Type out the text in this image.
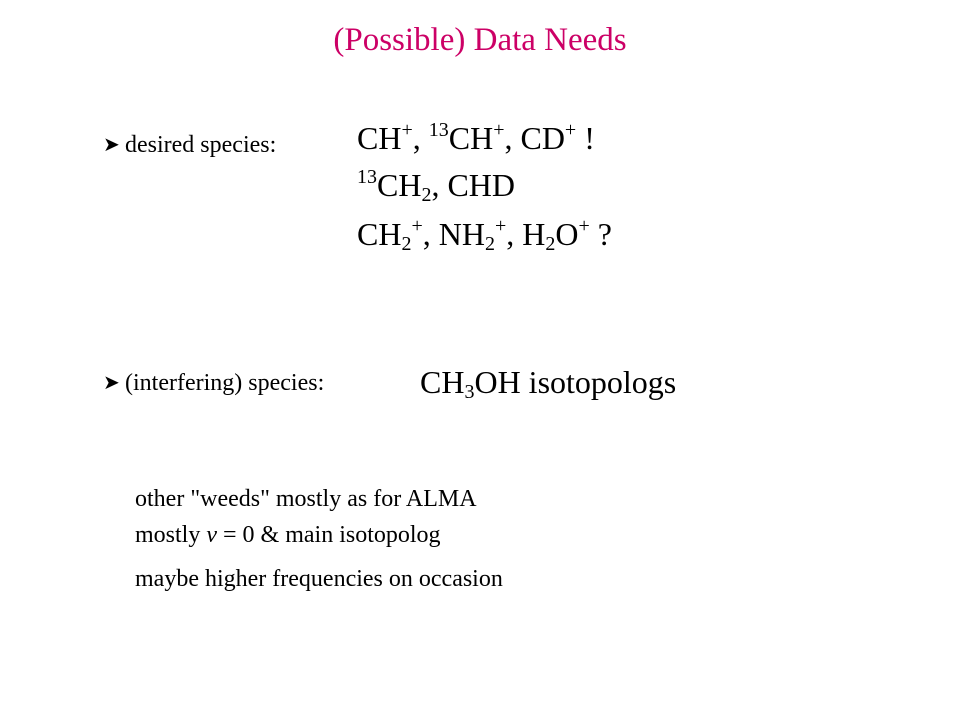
(Possible) Data Needs
➤ desired species:	CH+, $^{13}$CH+, CD+ !
$^{13}CH_2$, CHD
$CH_2^+$, $NH_2^+$, $H_2O^+$ ?
➤ (interfering) species:	$CH_3OH$ isotopologs
other "weeds" mostly as for ALMA
mostly v = 0 & main isotopolog
maybe higher frequencies on occasion
